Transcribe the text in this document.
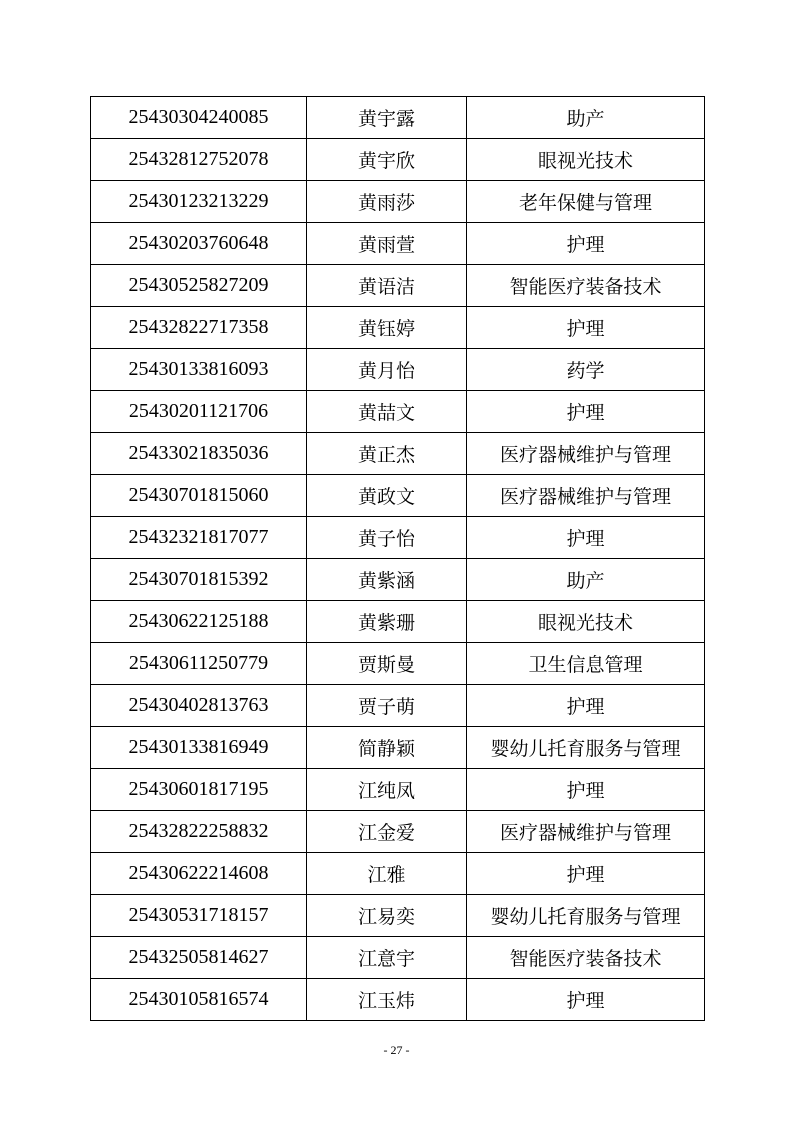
25430304240085	黄宇露	助产
25432812752078	黄宇欣	眼视光技术
25430123213229	黄雨莎	老年保健与管理
25430203760648	黄雨萱	护理
25430525827209	黄语洁	智能医疗装备技术
25432822717358	黄钰婷	护理
25430133816093	黄月怡	药学
25430201121706	黄喆文	护理
25433021835036	黄正杰	医疗器械维护与管理
25430701815060	黄政文	医疗器械维护与管理
25432321817077	黄子怡	护理
25430701815392	黄紫涵	助产
25430622125188	黄紫珊	眼视光技术
25430611250779	贾斯曼	卫生信息管理
25430402813763	贾子萌	护理
25430133816949	简静颖	婴幼儿托育服务与管理
25430601817195	江纯凤	护理
25432822258832	江金爱	医疗器械维护与管理
25430622214608	江雅	护理
25430531718157	江易奕	婴幼儿托育服务与管理
25432505814627	江意宇	智能医疗装备技术
25430105816574	江玉炜	护理
- 27 -
